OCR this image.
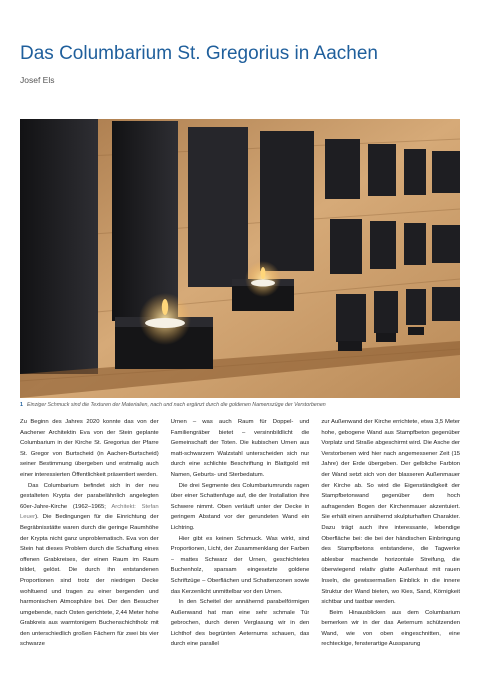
Das Columbarium St. Gregorius in Aachen
Josef Els
1 Einziger Schmuck sind die Texturen der Materialien, nach und nach ergänzt durch die goldenen Namenszüge der Verstorbenen

Zu Beginn des Jahres 2020 konnte das von der Aachener Architektin Eva von der Stein geplante Columbarium in der Kirche St. Gregorius der Pfarre St. Gregor von Burtscheid (in Aachen-Burtscheid) seiner Bestimmung übergeben und erstmalig auch einer interessierten Öffentlichkeit präsentiert werden.

Das Columbarium befindet sich in der neu gestalteten Krypta der parabelähnlich angelegten 60er-Jahre-Kirche (1962–1965; Architekt: Stefan Leuer). Die Bedingungen für die Einrichtung der Begräbnisstätte waren durch die geringe Raumhöhe der Krypta nicht ganz unproblematisch. Eva von der Stein hat dieses Problem durch die Schaffung eines offenen Grabkreises, der einen Raum im Raum bildet, gelöst. Die durch ihn entstandenen Proportionen sind trotz der niedrigen Decke wohltuend und tragen zu einer bergenden und harmonischen Atmosphäre bei. Der den Besucher umgebende, nach Osten gerichtete, 2,44 Meter hohe Grabkreis aus warmtonigem Buchenschichtholz mit den unterschiedlich großen Fächern für zwei bis vier schwarze

Urnen – was auch Raum für Doppel- und Familiengräber bietet – versinnbildlicht die Gemeinschaft der Toten. Die kubischen Urnen aus matt-schwarzem Walzstahl unterscheiden sich nur durch eine schlichte Beschriftung in Blattgold mit Namen, Geburts- und Sterbedatum.

Die drei Segmente des Columbariumrunds ragen über einer Schattenfuge auf, die der Installation ihre Schwere nimmt. Oben verläuft unter der Decke in geringem Abstand vor der gerundeten Wand ein Lichtring.

Hier gibt es keinen Schmuck. Was wirkt, sind Proportionen, Licht, der Zusammenklang der Farben – mattes Schwarz der Urnen, geschichtetes Buchenholz, sparsam eingesetzte goldene Schriftzüge – Oberflächen und Schattenzonen sowie das Kerzenlicht unmittelbar vor den Urnen.

In den Scheitel der annähernd parabelförmigen Außenwand hat man eine sehr schmale Tür gebrochen, durch deren Verglasung wir in den Lichthof des begrünten Aeternums schauen, das durch eine parallel

zur Außenwand der Kirche errichtete, etwa 3,5 Meter hohe, gebogene Wand aus Stampfbeton gegenüber Vorplatz und Straße abgeschirmt wird. Die Asche der Verstorbenen wird hier nach angemessener Zeit (15 Jahre) der Erde übergeben. Der gelbliche Farbton der Wand setzt sich von der blasseren Außenmauer der Kirche ab. So wird die Eigenständigkeit der Stampfbetonwand gegenüber dem hoch aufragenden Bogen der Kirchenmauer akzentuiert. Sie erhält einen annähernd skulpturhaften Charakter. Dazu trägt auch ihre interessante, lebendige Oberfläche bei: die bei der händischen Einbringung des Stampfbetons entstandene, die Tagwerke ablesbar machende horizontale Streifung, die überwiegend relativ glatte Außenhaut mit rauen Inseln, die gewissermaßen Einblick in die innere Struktur der Wand bieten, wo Kies, Sand, Körnigkeit sichtbar und tastbar werden.

Beim Hinausblicken aus dem Columbarium bemerken wir in der das Aeternum schützenden Wand, wie von oben eingeschnitten, eine rechteckige, fensterartige Aussparung
